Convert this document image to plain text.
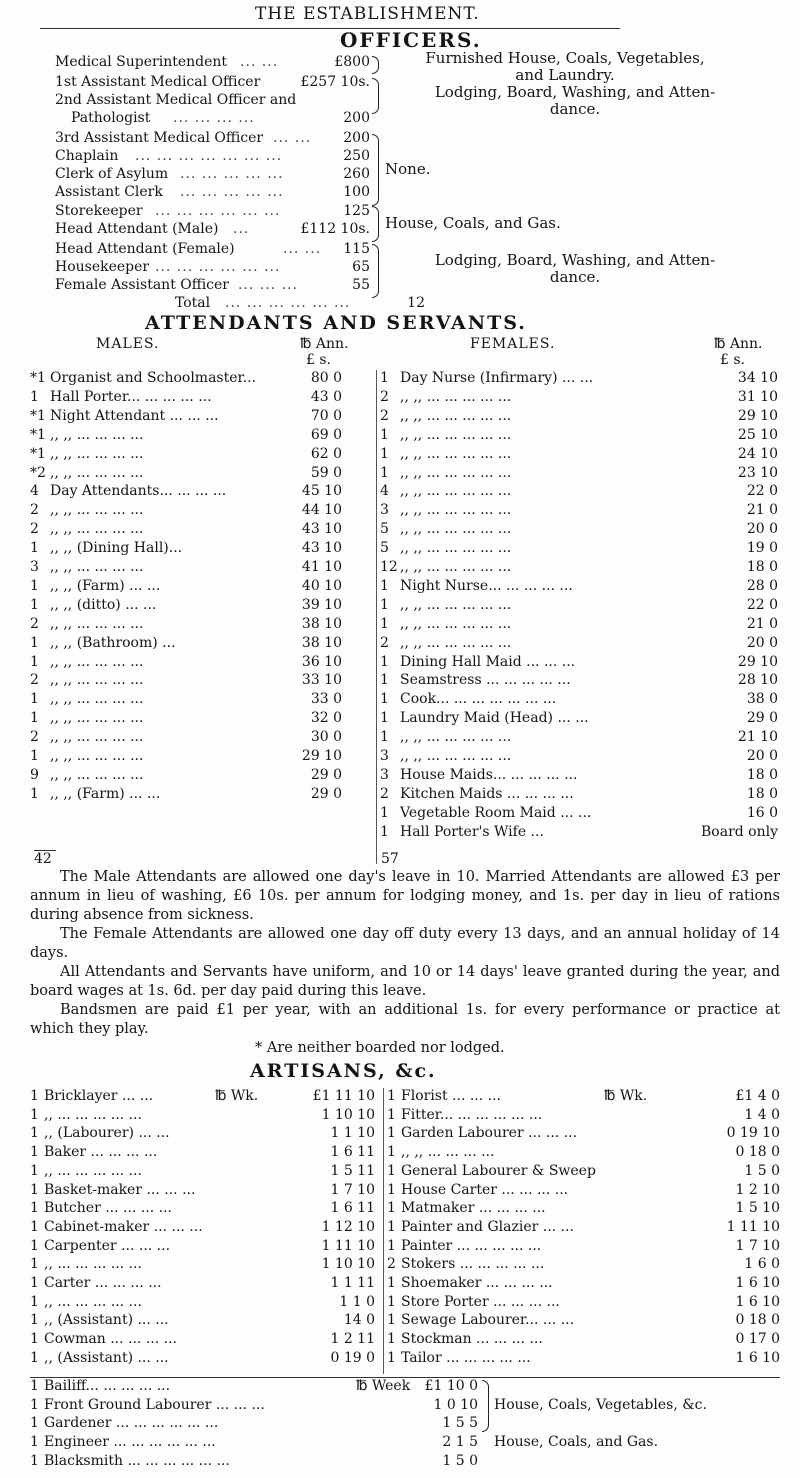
THE ESTABLISHMENT.
OFFICERS.
Medical Superintendent ... ...	£800
1st Assistant Medical Officer	£257 10s.
2nd Assistant Medical Officer and
Pathologist ... ... ... ...	200
3rd Assistant Medical Officer ... ... 200
Chaplain ... ... ... ... ... ... ...	250
Clerk of Asylum ... ... ... ... ...	260
Assistant Clerk ... ... ... ... ...	100
Storekeeper ... ... ... ... ... ...	125
Head Attendant (Male) ...	£112 10s.
Head Attendant (Female)	... ... 115
Housekeeper ... ... ... ... ... ...	65
Female Assistant Officer ... ... ...	55
Total ... ... ... ... ... ...	12
Furnished House, Coals, Vegetables,
and Laundry.
Lodging, Board, Washing, and Atten-
dance.
None.
House, Coals, and Gas.
Lodging, Board, Washing, and Atten-
dance.
ATTENDANTS AND SERVANTS.
MALES.	℔ Ann.
£ s.
FEMALES.	℔ Ann.
£ s.
*1 Organist and Schoolmaster...	80 0
1 Hall Porter... ... ... ... ...	43 0
*1 Night Attendant ... ... ...	70 0
*1 ,, ,, ... ... ... ...	69 0
*1 ,, ,, ... ... ... ...	62 0
*2 ,, ,, ... ... ... ...	59 0
4 Day Attendants... ... ... ...	45 10
2 ,, ,, ... ... ... ...	44 10
2 ,, ,, ... ... ... ...	43 10
1 ,, ,, (Dining Hall)...	43 10
3 ,, ,, ... ... ... ...	41 10
1 ,, ,, (Farm) ... ...	40 10
1 ,, ,, (ditto) ... ...	39 10
2 ,, ,, ... ... ... ...	38 10
1 ,, ,, (Bathroom) ...	38 10
1 ,, ,, ... ... ... ...	36 10
2 ,, ,, ... ... ... ...	33 10
1 ,, ,, ... ... ... ...	33 0
1 ,, ,, ... ... ... ...	32 0
2 ,, ,, ... ... ... ...	30 0
1 ,, ,, ... ... ... ...	29 10
9 ,, ,, ... ... ... ...	29 0
1 ,, ,, (Farm) ... ...	29 0
1 Day Nurse (Infirmary) ... ...	34 10
2 ,, ,, ... ... ... ... ...	31 10
2 ,, ,, ... ... ... ... ...	29 10
1 ,, ,, ... ... ... ... ...	25 10
1 ,, ,, ... ... ... ... ...	24 10
1 ,, ,, ... ... ... ... ...	23 10
4 ,, ,, ... ... ... ... ...	22 0
3 ,, ,, ... ... ... ... ...	21 0
5 ,, ,, ... ... ... ... ...	20 0
5 ,, ,, ... ... ... ... ...	19 0
12 ,, ,, ... ... ... ... ...	18 0
1 Night Nurse... ... ... ... ...	28 0
1 ,, ,, ... ... ... ... ...	22 0
1 ,, ,, ... ... ... ... ...	21 0
2 ,, ,, ... ... ... ... ...	20 0
1 Dining Hall Maid ... ... ...	29 10
1 Seamstress ... ... ... ... ...	28 10
1 Cook... ... ... ... ... ... ...	38 0
1 Laundry Maid (Head) ... ...	29 0
1 ,, ,, ... ... ... ... ...	21 10
3 ,, ,, ... ... ... ... ...	20 0
3 House Maids... ... ... ... ...	18 0
2 Kitchen Maids ... ... ... ...	18 0
1 Vegetable Room Maid ... ...	16 0
1 Hall Porter's Wife ...	Board only
42	57

The Male Attendants are allowed one day's leave in 10. Married Attendants are allowed £3 per annum in lieu of washing, £6 10s. per annum for lodging money, and 1s. per day in lieu of rations during absence from sickness.

The Female Attendants are allowed one day off duty every 13 days, and an annual holiday of 14 days.

All Attendants and Servants have uniform, and 10 or 14 days' leave granted during the year, and board wages at 1s. 6d. per day paid during this leave.

Bandsmen are paid £1 per year, with an additional 1s. for every performance or practice at which they play.

* Are neither boarded nor lodged.
ARTISANS, &c.
℔ Wk.	℔ Wk.
1 Bricklayer ... ...	£1 11 10
1 ,, ... ... ... ... ...	1 10 10
1 ,, (Labourer) ... ...	1 1 10
1 Baker ... ... ... ...	1 6 11
1 ,, ... ... ... ... ...	1 5 11
1 Basket-maker ... ... ...	1 7 10
1 Butcher ... ... ... ...	1 6 11
1 Cabinet-maker ... ... ...	1 12 10
1 Carpenter ... ... ...	1 11 10
1 ,, ... ... ... ... ...	1 10 10
1 Carter ... ... ... ...	1 1 11
1 ,, ... ... ... ... ...	1 1 0
1 ,, (Assistant) ... ...	14 0
1 Cowman ... ... ... ...	1 2 11
1 ,, (Assistant) ... ...	0 19 0
1 Florist ... ... ...	£1 4 0
1 Fitter... ... ... ... ... ...	1 4 0
1 Garden Labourer ... ... ...	0 19 10
1 ,, ,, ... ... ... ...	0 18 0
1 General Labourer & Sweep	1 5 0
1 House Carter ... ... ... ...	1 2 10
1 Matmaker ... ... ... ...	1 5 10
1 Painter and Glazier ... ...	1 11 10
1 Painter ... ... ... ... ...	1 7 10
2 Stokers ... ... ... ... ...	1 6 0
1 Shoemaker ... ... ... ...	1 6 10
1 Store Porter ... ... ... ...	1 6 10
1 Sewage Labourer... ... ...	0 18 0
1 Stockman ... ... ... ...	0 17 0
1 Tailor ... ... ... ... ...	1 6 10
℔ Week
1 Bailiff... ... ... ... ...	£1 10 0
1 Front Ground Labourer ... ... ...	1 0 10
1 Gardener ... ... ... ... ... ...	1 5 5
1 Engineer ... ... ... ... ... ...	2 1 5
1 Blacksmith ... ... ... ... ... ...	1 5 0
House, Coals, Vegetables, &c.
House, Coals, and Gas.
